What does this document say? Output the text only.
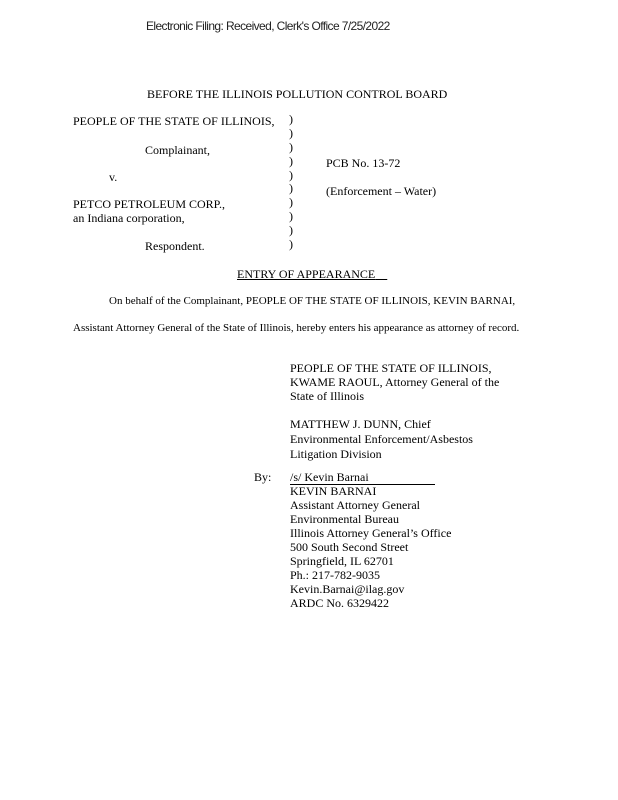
Electronic Filing: Received, Clerk's Office 7/25/2022
BEFORE THE ILLINOIS POLLUTION CONTROL BOARD
PEOPLE OF THE STATE OF ILLINOIS,
Complainant,
v.
PETCO PETROLEUM CORP.,
an Indiana corporation,
Respondent.
)
)
)
)
)
)
)
)
)
)
PCB No. 13-72
(Enforcement – Water)
ENTRY OF APPEARANCE
On behalf of the Complainant, PEOPLE OF THE STATE OF ILLINOIS, KEVIN BARNAI,
Assistant Attorney General of the State of Illinois, hereby enters his appearance as attorney of record.
PEOPLE OF THE STATE OF ILLINOIS,
KWAME RAOUL, Attorney General of the
State of Illinois
MATTHEW J. DUNN, Chief
Environmental Enforcement/Asbestos
Litigation Division
By: /s/ Kevin Barnai
KEVIN BARNAI
Assistant Attorney General
Environmental Bureau
Illinois Attorney General’s Office
500 South Second Street
Springfield, IL 62701
Ph.: 217-782-9035
Kevin.Barnai@ilag.gov
ARDC No. 6329422
